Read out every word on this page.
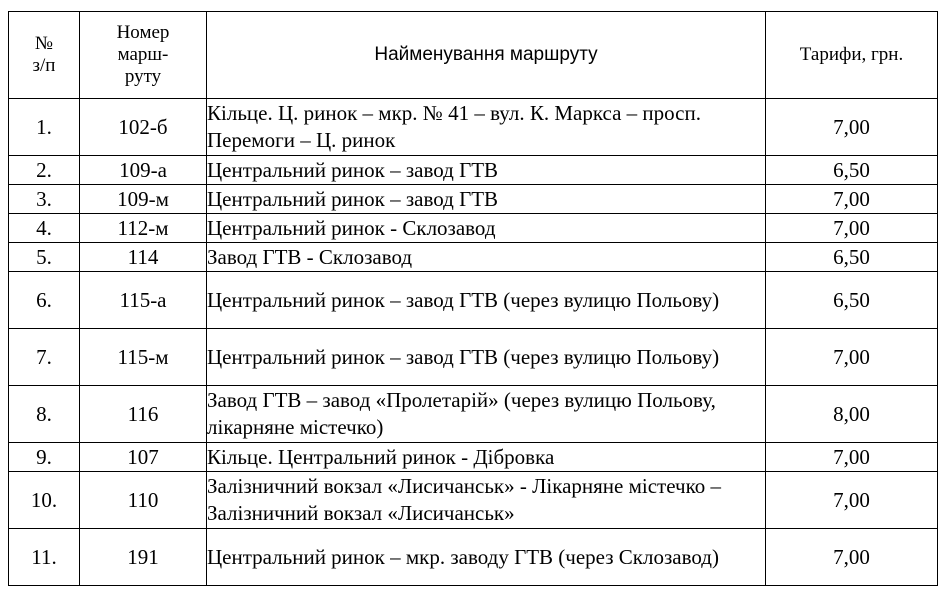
№ з/п	Номер марш-руту	Найменування маршруту	Тарифи, грн.
1.	102-б	Кільце. Ц. ринок – мкр. № 41 – вул. К. Маркса – просп. Перемоги – Ц. ринок	7,00
2.	109-а	Центральний ринок – завод ГТВ	6,50
3.	109-м	Центральний ринок – завод ГТВ	7,00
4.	112-м	Центральний ринок - Склозавод	7,00
5.	114	Завод ГТВ - Склозавод	6,50
6.	115-а	Центральний ринок – завод ГТВ (через вулицю Польову)	6,50
7.	115-м	Центральний ринок – завод ГТВ (через вулицю Польову)	7,00
8.	116	Завод ГТВ – завод «Пролетарій» (через вулицю Польову, лікарняне містечко)	8,00
9.	107	Кільце. Центральний ринок - Дібровка	7,00
10.	110	Залізничний вокзал «Лисичанськ» - Лікарняне містечко – Залізничний вокзал «Лисичанськ»	7,00
11.	191	Центральний ринок – мкр. заводу ГТВ (через Склозавод)	7,00
